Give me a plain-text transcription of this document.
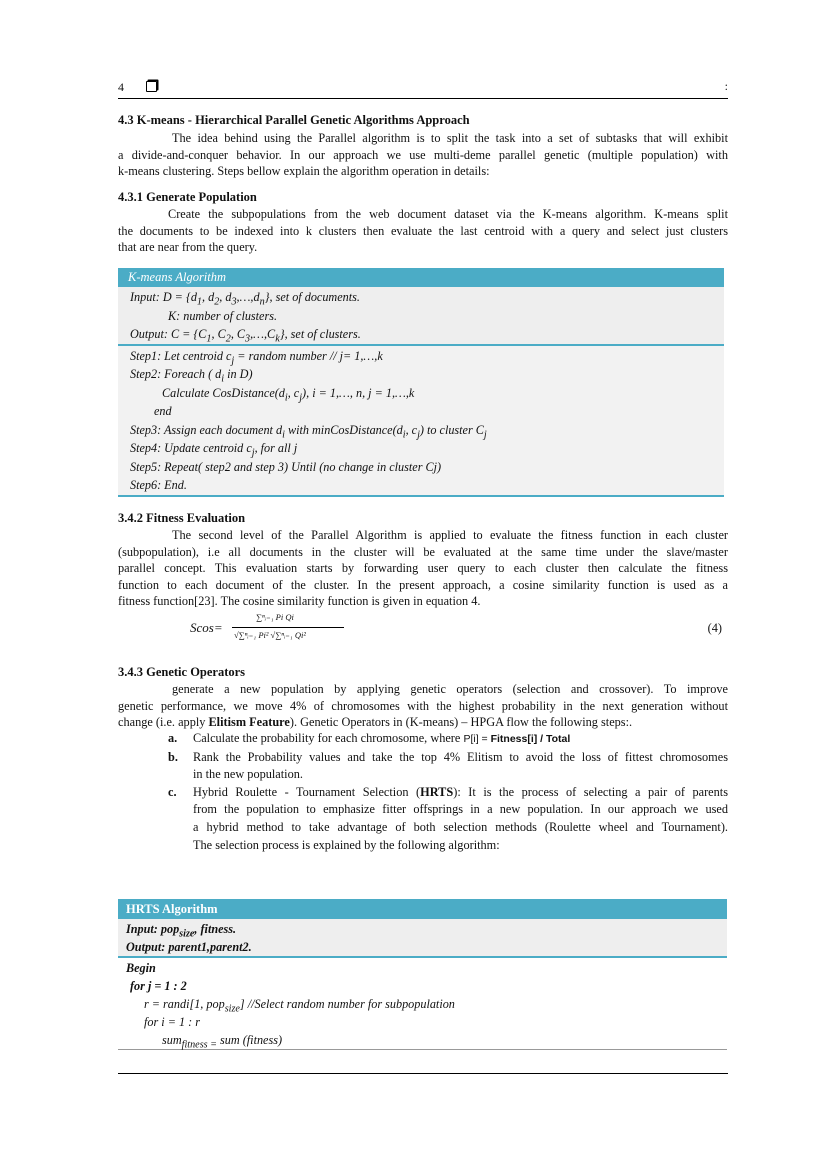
4	:
4.3 K-means - Hierarchical Parallel Genetic Algorithms Approach
The idea behind using the Parallel algorithm is to split the task into a set of subtasks that will exhibit
a divide-and-conquer behavior. In our approach we use multi-deme parallel genetic (multiple population) with
k-means clustering. Steps bellow explain the algorithm operation in details:
4.3.1 Generate Population
Create the subpopulations from the web document dataset via the K-means algorithm. K-means split
the documents to be indexed into k clusters then evaluate the last centroid with a query and select just clusters
that are near from the query.
K-means Algorithm
Input: $D = \{d_1$, $d_2$, $d_3,\dots,d_n$}, set of documents.
K: number of clusters.
Output: $C = \{C_1$, $C_2$, $C_3,\dots,C_k$}, set of clusters.
Step1: Let centroid $c_j$ = random number // j= 1,…,k
Step2: Foreach ( $d_i$ in D)
Calculate $CosDistance(d_i$, $c_j$), i = 1,…, n, j = 1,…,k
end
Step3: Assign each document $d_i$ with $minCosDistance(d_i$, $c_j$) to cluster $C_j$
Step4: Update centroid $c_j$, for all j
Step5: Repeat( step2 and step 3) Until (no change in cluster Cj)
Step6: End.
3.4.2 Fitness Evaluation
The second level of the Parallel Algorithm is applied to evaluate the fitness function in each cluster
(subpopulation), i.e all documents in the cluster will be evaluated at the same time under the slave/master
parallel concept. This evaluation starts by forwarding user query to each cluster then calculate the fitness
function to each document of the cluster. In the present approach, a cosine similarity function is used as a
fitness function[23]. The cosine similarity function is given in equation 4.
Scos=
∑ⁿᵢ₌₁ Pi Qi
√∑ⁿᵢ₌₁ Pi² √∑ⁿᵢ₌₁ Qi²	(4)
3.4.3 Genetic Operators
generate a new population by applying genetic operators (selection and crossover). To improve
genetic performance, we move 4% of chromosomes with the highest probability in the next generation without
change (i.e. apply Elitism Feature). Genetic Operators in (K-means) – HPGA flow the following steps:.
a. Calculate the probability for each chromosome, where P[i] = Fitness[i] / Total
b. Rank the Probability values and take the top 4% Elitism to avoid the loss of fittest chromosomes
in the new population.
c. Hybrid Roulette - Tournament Selection (HRTS): It is the process of selecting a pair of parents
from the population to emphasize fitter offsprings in a new population. In our approach we used
a hybrid method to take advantage of both selection methods (Roulette wheel and Tournament).
The selection process is explained by the following algorithm:
HRTS Algorithm
Input: pop$_{size}$, fitness.
Output: parent1,parent2.
Begin
for j = 1 : 2
r = randi[1, pop$_{size}$] //Select random number for subpopulation
for i = 1 : r
sum$_{fitness =}$ sum (fitness)
